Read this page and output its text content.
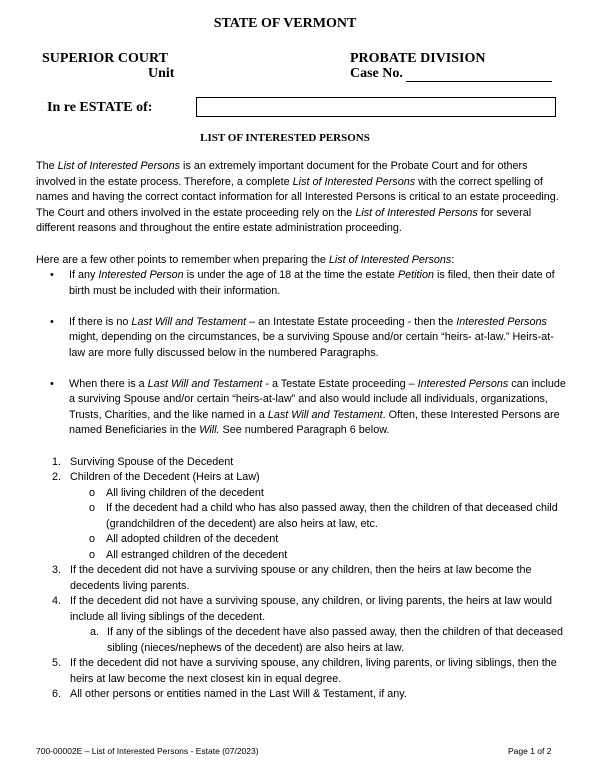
STATE OF VERMONT
SUPERIOR COURT
Unit
PROBATE DIVISION
Case No.
In re ESTATE of:
LIST OF INTERESTED PERSONS

The List of Interested Persons is an extremely important document for the Probate Court and for others involved in the estate process. Therefore, a complete List of Interested Persons with the correct spelling of names and having the correct contact information for all Interested Persons is critical to an estate proceeding. The Court and others involved in the estate proceeding rely on the List of Interested Persons for several different reasons and throughout the entire estate administration proceeding.

Here are a few other points to remember when preparing the List of Interested Persons:

• If any Interested Person is under the age of 18 at the time the estate Petition is filed, then their date of birth must be included with their information.

• If there is no Last Will and Testament – an Intestate Estate proceeding - then the Interested Persons might, depending on the circumstances, be a surviving Spouse and/or certain “heirs- at-law.” Heirs-at-law are more fully discussed below in the numbered Paragraphs.

• When there is a Last Will and Testament - a Testate Estate proceeding – Interested Persons can include a surviving Spouse and/or certain “heirs-at-law” and also would include all individuals, organizations, Trusts, Charities, and the like named in a Last Will and Testament. Often, these Interested Persons are named Beneficiaries in the Will. See numbered Paragraph 6 below.

1. Surviving Spouse of the Decedent

2. Children of the Decedent (Heirs at Law)

o All living children of the decedent

o If the decedent had a child who has also passed away, then the children of that deceased child (grandchildren of the decedent) are also heirs at law, etc.

o All adopted children of the decedent

o All estranged children of the decedent

3. If the decedent did not have a surviving spouse or any children, then the heirs at law become the decedents living parents.

4. If the decedent did not have a surviving spouse, any children, or living parents, the heirs at law would include all living siblings of the decedent.

a. If any of the siblings of the decedent have also passed away, then the children of that deceased sibling (nieces/nephews of the decedent) are also heirs at law.

5. If the decedent did not have a surviving spouse, any children, living parents, or living siblings, then the heirs at law become the next closest kin in equal degree.

6. All other persons or entities named in the Last Will & Testament, if any.

700-00002E – List of Interested Persons - Estate (07/2023)	Page 1 of 2
